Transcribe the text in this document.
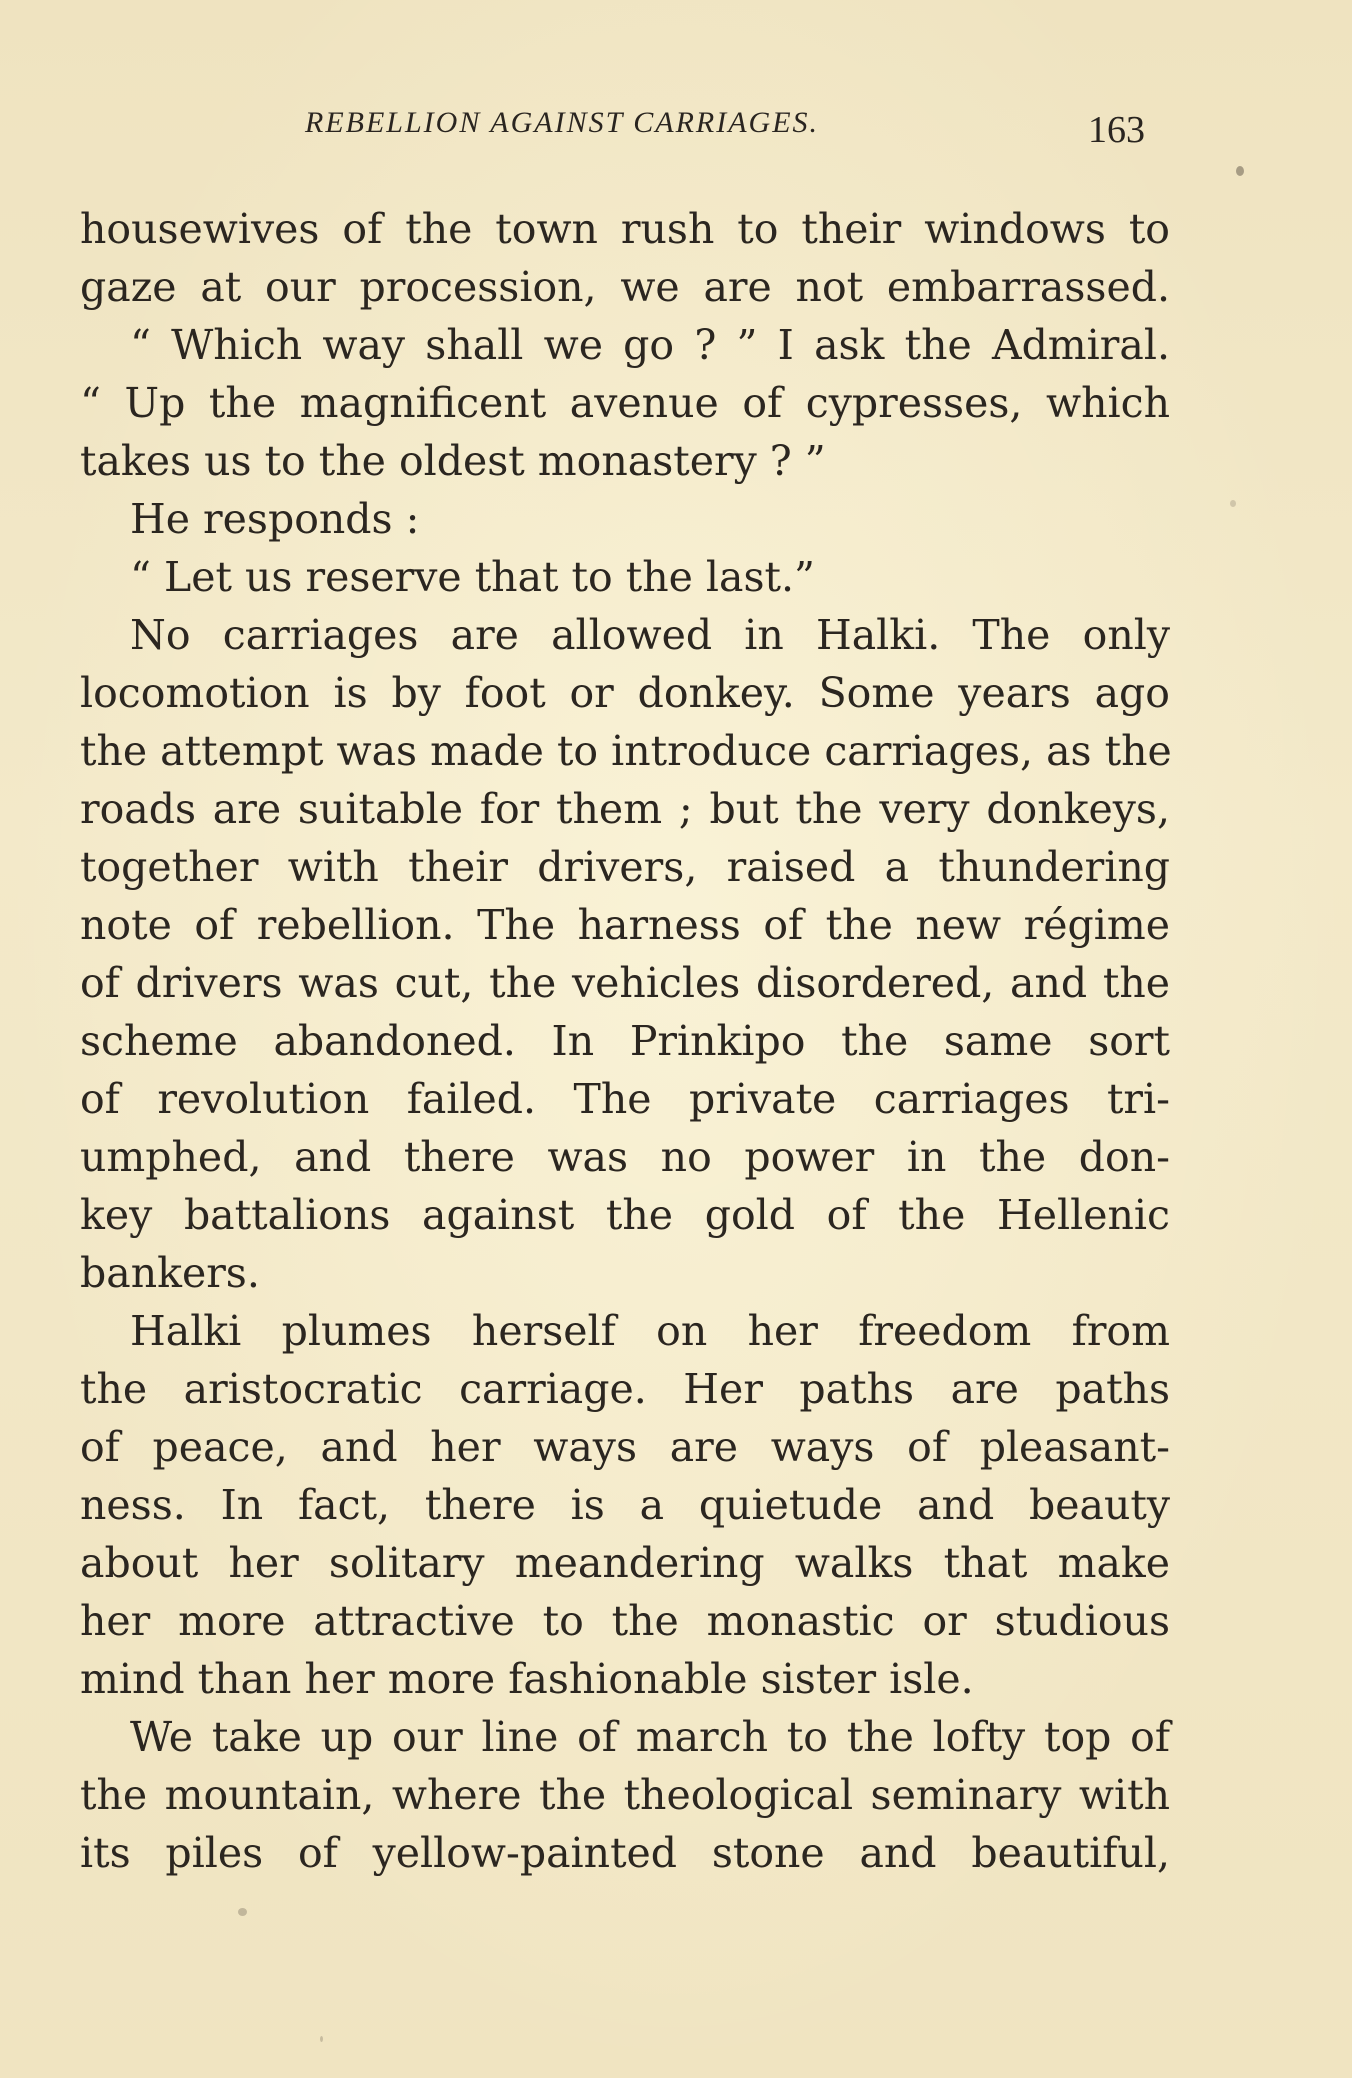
REBELLION AGAINST CARRIAGES.	163
housewives of the town rush to their windows to
gaze at our procession, we are not embarrassed.
“ Which way shall we go ? ” I ask the Admiral.
“ Up the magnificent avenue of cypresses, which
takes us to the oldest monastery ? ”
He responds :
“ Let us reserve that to the last.”
No carriages are allowed in Halki. The only
locomotion is by foot or donkey. Some years ago
the attempt was made to introduce carriages, as the
roads are suitable for them ; but the very donkeys,
together with their drivers, raised a thundering
note of rebellion. The harness of the new régime
of drivers was cut, the vehicles disordered, and the
scheme abandoned. In Prinkipo the same sort
of revolution failed. The private carriages tri-
umphed, and there was no power in the don-
key battalions against the gold of the Hellenic
bankers.
Halki plumes herself on her freedom from
the aristocratic carriage. Her paths are paths
of peace, and her ways are ways of pleasant-
ness. In fact, there is a quietude and beauty
about her solitary meandering walks that make
her more attractive to the monastic or studious
mind than her more fashionable sister isle.
We take up our line of march to the lofty top of
the mountain, where the theological seminary with
its piles of yellow-painted stone and beautiful,
